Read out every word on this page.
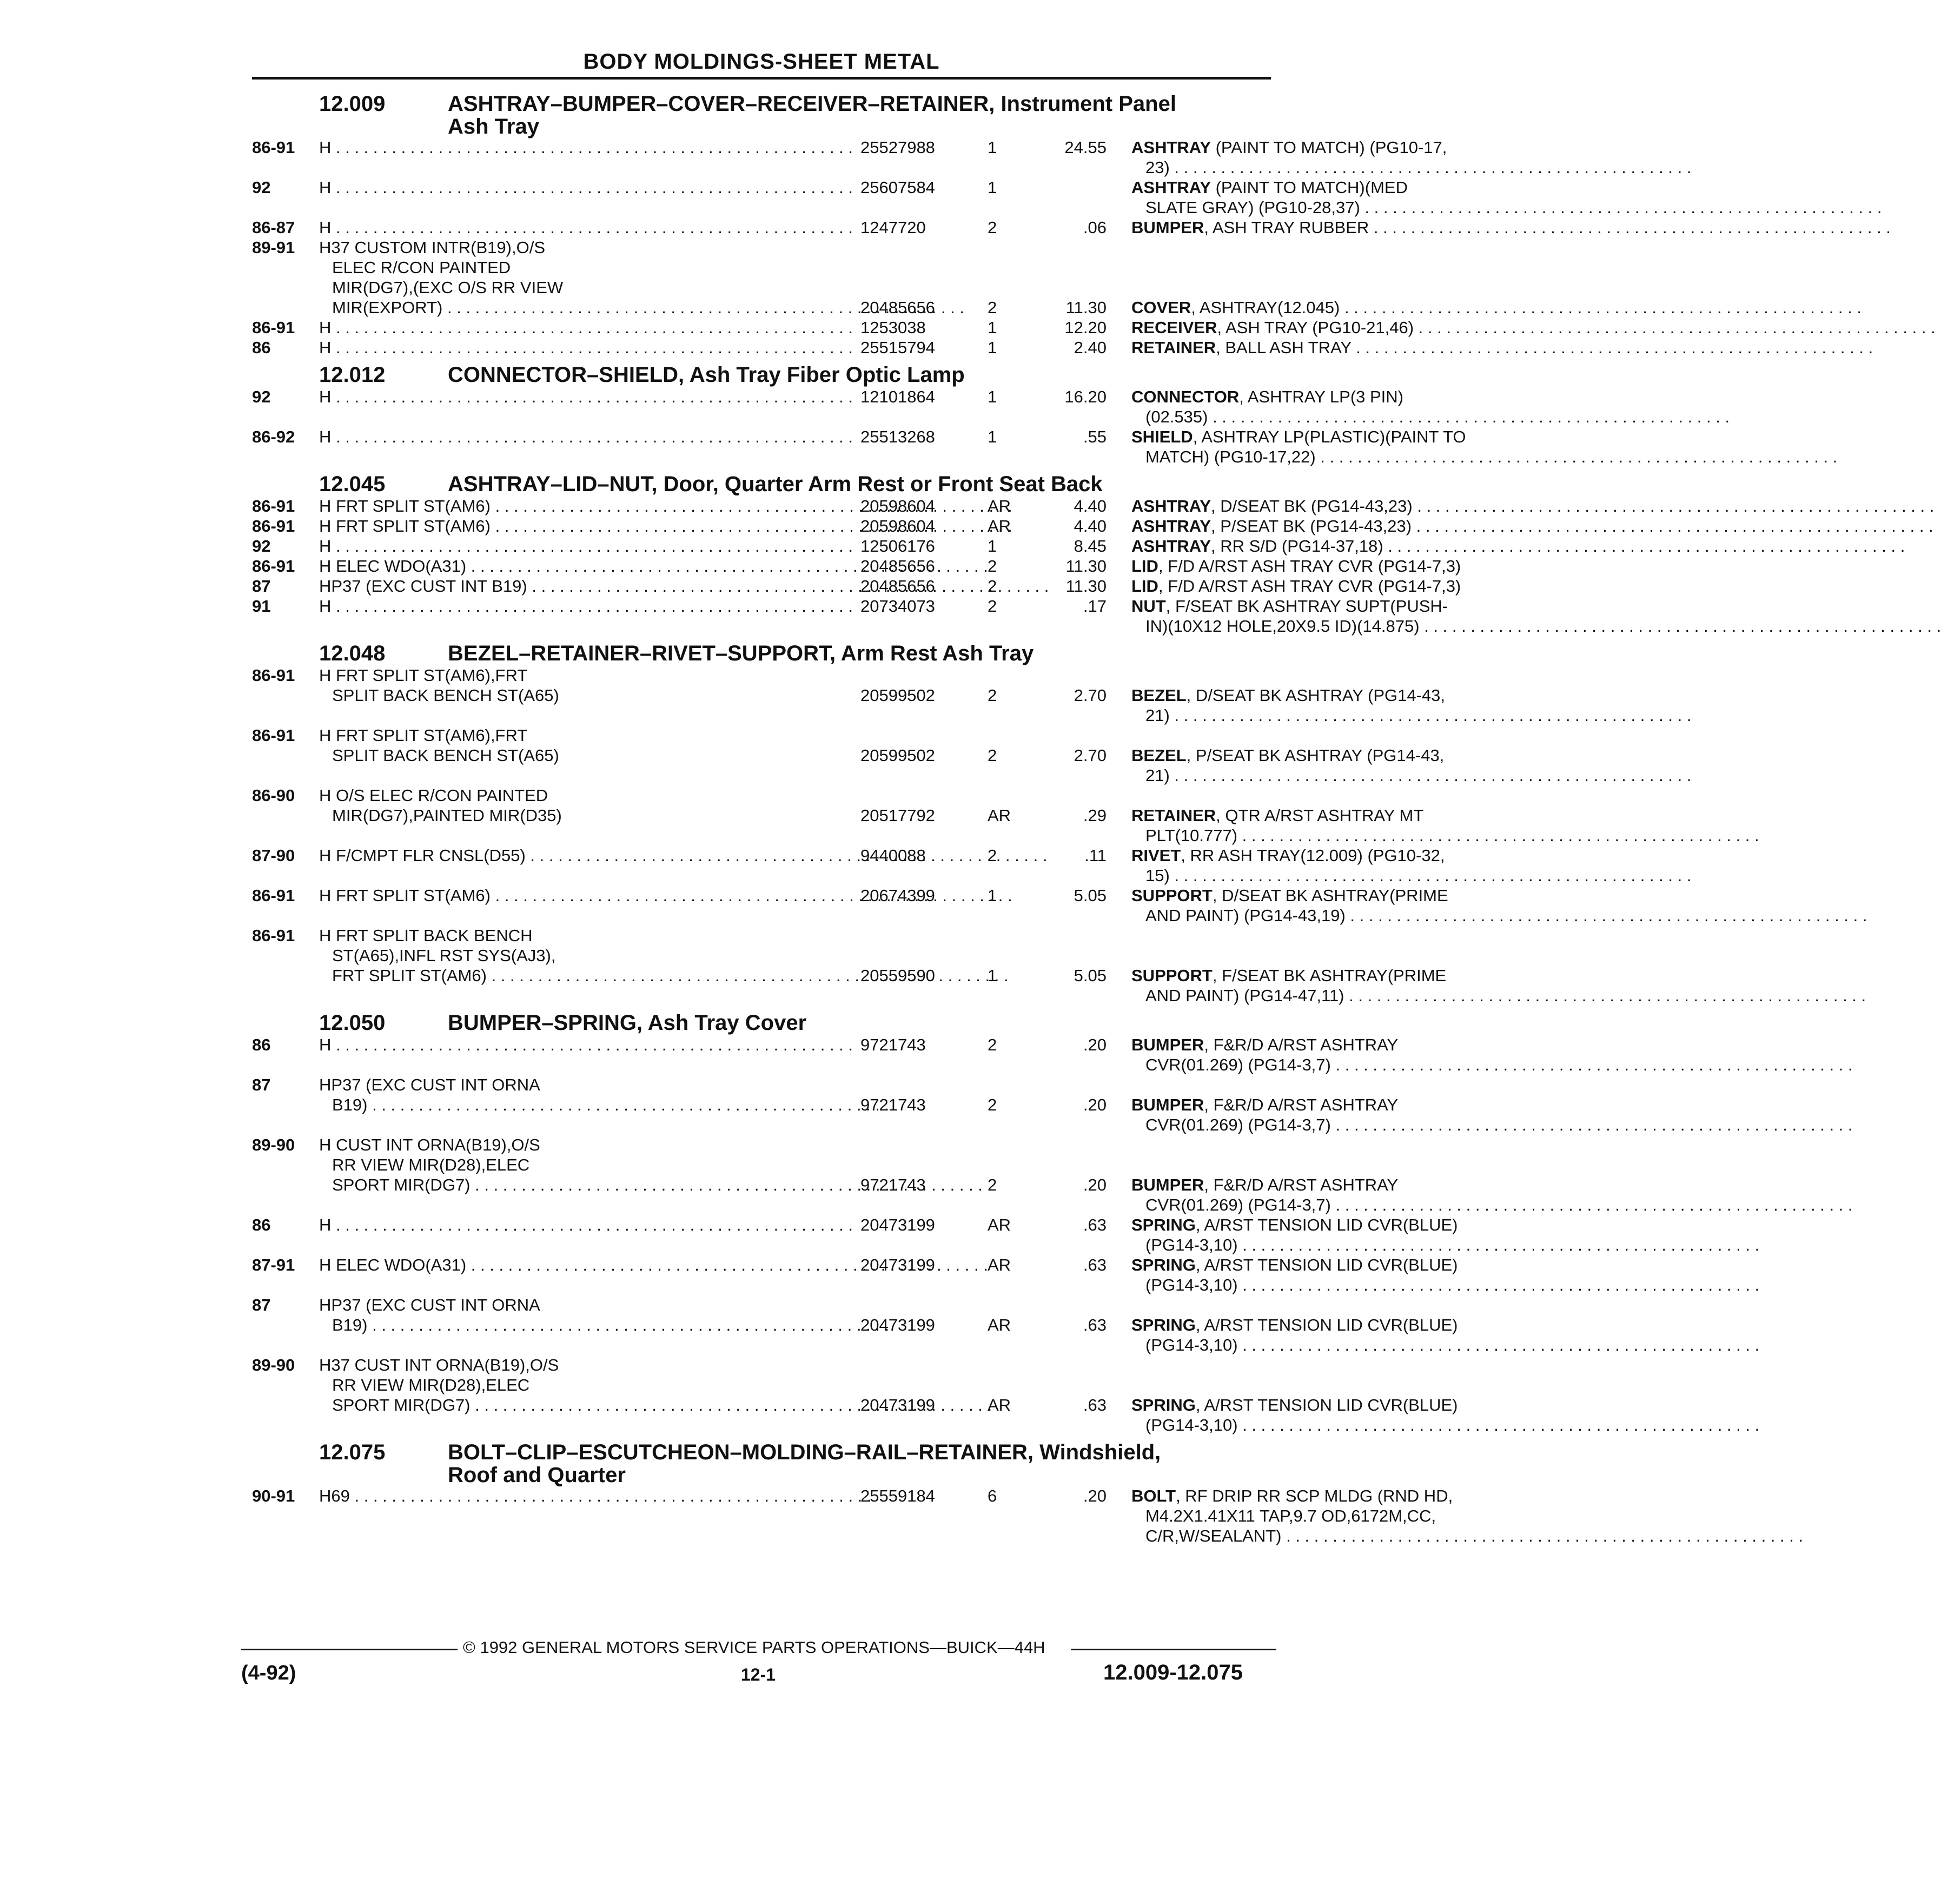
BODY MOLDINGS-SHEET METAL
12.009	ASHTRAY–BUMPER–COVER–RECEIVER–RETAINER, Instrument Panel
Ash Tray
86-91 H . . .	25527988	1	24.55 ASHTRAY (PAINT TO MATCH) (PG10-17,
23) . . .
92	H . . .	25607584	1	ASHTRAY (PAINT TO MATCH)(MED
SLATE GRAY) (PG10-28,37) . . .
86-87 H . . .	1247720	2	.06 BUMPER, ASH TRAY RUBBER . . .
89-91 H37 CUSTOM INTR(B19),O/S
ELEC R/CON PAINTED
MIR(DG7),(EXC O/S RR VIEW
MIR(EXPORT) . . .	20485656	2	11.30 COVER, ASHTRAY(12.045) . . .
86-91 H . . .	1253038	1	12.20 RECEIVER, ASH TRAY (PG10-21,46) . . .
86	H . . .	25515794	1	2.40 RETAINER, BALL ASH TRAY . . .
12.012	CONNECTOR–SHIELD, Ash Tray Fiber Optic Lamp
92	H . . .	12101864	1	16.20 CONNECTOR, ASHTRAY LP(3 PIN)
(02.535) . . .
86-92 H . . .	25513268	1	.55 SHIELD, ASHTRAY LP(PLASTIC)(PAINT TO
MATCH) (PG10-17,22) . . .
12.045	ASHTRAY–LID–NUT, Door, Quarter Arm Rest or Front Seat Back
86-91 H FRT SPLIT ST(AM6) . . .	20598604	AR	4.40 ASHTRAY, D/SEAT BK (PG14-43,23) . . .
86-91 H FRT SPLIT ST(AM6) . . .	20598604	AR	4.40 ASHTRAY, P/SEAT BK (PG14-43,23) . . .
92	H . . .	12506176	1	8.45 ASHTRAY, RR S/D (PG14-37,18) . . .
86-91 H ELEC WDO(A31) . . .	20485656	2	11.30 LID, F/D A/RST ASH TRAY CVR (PG14-7,3)
87	HP37 (EXC CUST INT B19) . . .	20485656	2	11.30 LID, F/D A/RST ASH TRAY CVR (PG14-7,3)
91	H . . .	20734073	2	.17 NUT, F/SEAT BK ASHTRAY SUPT(PUSH-
IN)(10X12 HOLE,20X9.5 ID)(14.875) . . .
12.048	BEZEL–RETAINER–RIVET–SUPPORT, Arm Rest Ash Tray
86-91 H FRT SPLIT ST(AM6),FRT
SPLIT BACK BENCH ST(A65)	20599502	2	2.70 BEZEL, D/SEAT BK ASHTRAY (PG14-43,
21) . . .
86-91 H FRT SPLIT ST(AM6),FRT
SPLIT BACK BENCH ST(A65)	20599502	2	2.70 BEZEL, P/SEAT BK ASHTRAY (PG14-43,
21) . . .
86-90 H O/S ELEC R/CON PAINTED
MIR(DG7),PAINTED MIR(D35)	20517792	AR	.29 RETAINER, QTR A/RST ASHTRAY MT
PLT(10.777) . . .
87-90 H F/CMPT FLR CNSL(D55) . . .	9440088	2	.11 RIVET, RR ASH TRAY(12.009) (PG10-32,
15) . . .
86-91 H FRT SPLIT ST(AM6) . . .	20674399	1	5.05 SUPPORT, D/SEAT BK ASHTRAY(PRIME
AND PAINT) (PG14-43,19) . . .
86-91 H FRT SPLIT BACK BENCH
ST(A65),INFL RST SYS(AJ3),
FRT SPLIT ST(AM6) . . .	20559590	1	5.05 SUPPORT, F/SEAT BK ASHTRAY(PRIME
AND PAINT) (PG14-47,11) . . .
12.050	BUMPER–SPRING, Ash Tray Cover
86	H . . .	9721743	2	.20 BUMPER, F&R/D A/RST ASHTRAY
CVR(01.269) (PG14-3,7) . . .
87	HP37 (EXC CUST INT ORNA
B19) . . .	9721743	2	.20 BUMPER, F&R/D A/RST ASHTRAY
CVR(01.269) (PG14-3,7) . . .
89-90 H CUST INT ORNA(B19),O/S
RR VIEW MIR(D28),ELEC
SPORT MIR(DG7) . . .	9721743	2	.20 BUMPER, F&R/D A/RST ASHTRAY
CVR(01.269) (PG14-3,7) . . .
86	H . . .	20473199	AR	.63 SPRING, A/RST TENSION LID CVR(BLUE)
(PG14-3,10) . . .
87-91 H ELEC WDO(A31) . . .	20473199	AR	.63 SPRING, A/RST TENSION LID CVR(BLUE)
(PG14-3,10) . . .
87	HP37 (EXC CUST INT ORNA
B19) . . .	20473199	AR	.63 SPRING, A/RST TENSION LID CVR(BLUE)
(PG14-3,10) . . .
89-90 H37 CUST INT ORNA(B19),O/S
RR VIEW MIR(D28),ELEC
SPORT MIR(DG7) . . .	20473199	AR	.63 SPRING, A/RST TENSION LID CVR(BLUE)
(PG14-3,10) . . .
12.075	BOLT–CLIP–ESCUTCHEON–MOLDING–RAIL–RETAINER, Windshield,
Roof and Quarter
90-91 H69 . . .	25559184	6	.20 BOLT, RF DRIP RR SCP MLDG (RND HD,
M4.2X1.41X11 TAP,9.7 OD,6172M,CC,
C/R,W/SEALANT) . . .
© 1992 GENERAL MOTORS SERVICE PARTS OPERATIONS—BUICK—44H
(4-92)	12-1	12.009-12.075
